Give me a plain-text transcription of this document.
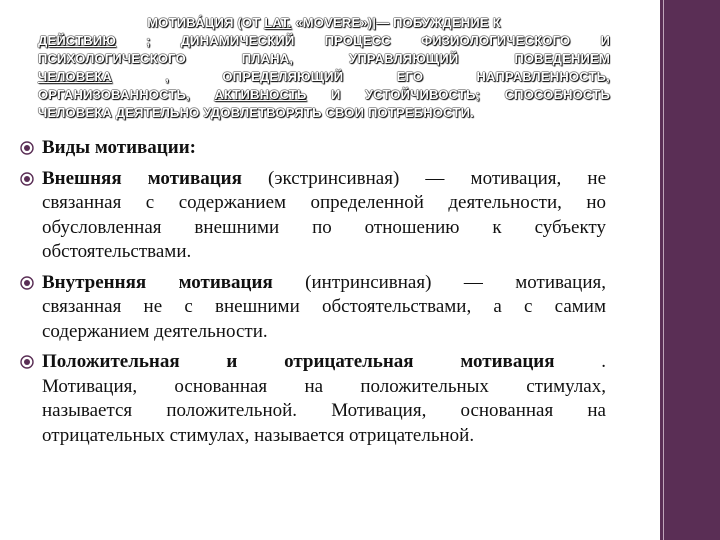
МОТИВА́ЦИЯ (ОТ LAT. «MOVERE»)|— ПОБУЖДЕНИЕ К
ДЕЙСТВИЮ ; ДИНАМИЧЕСКИЙ ПРОЦЕСС ФИЗИОЛОГИЧЕСКОГО И
ПСИХОЛОГИЧЕСКОГО ПЛАНА, УПРАВЛЯЮЩИЙ ПОВЕДЕНИЕМ
ЧЕЛОВЕКА , ОПРЕДЕЛЯЮЩИЙ ЕГО НАПРАВЛЕННОСТЬ,
ОРГАНИЗОВАННОСТЬ, АКТИВНОСТЬ И УСТОЙЧИВОСТЬ; СПОСОБНОСТЬ
ЧЕЛОВЕКА ДЕЯТЕЛЬНО УДОВЛЕТВОРЯТЬ СВОИ ПОТРЕБНОСТИ.
Виды мотивации:
Внешняя мотивация (экстринсивная) — мотивация, не
связанная с содержанием определенной деятельности, но
обусловленная внешними по отношению к субъекту
обстоятельствами.
Внутренняя мотивация (интринсивная) — мотивация,
связанная не с внешними обстоятельствами, а с самим
содержанием деятельности.
Положительная и отрицательная мотивация .
Мотивация, основанная на положительных стимулах,
называется положительной. Мотивация, основанная на
отрицательных стимулах, называется отрицательной.
